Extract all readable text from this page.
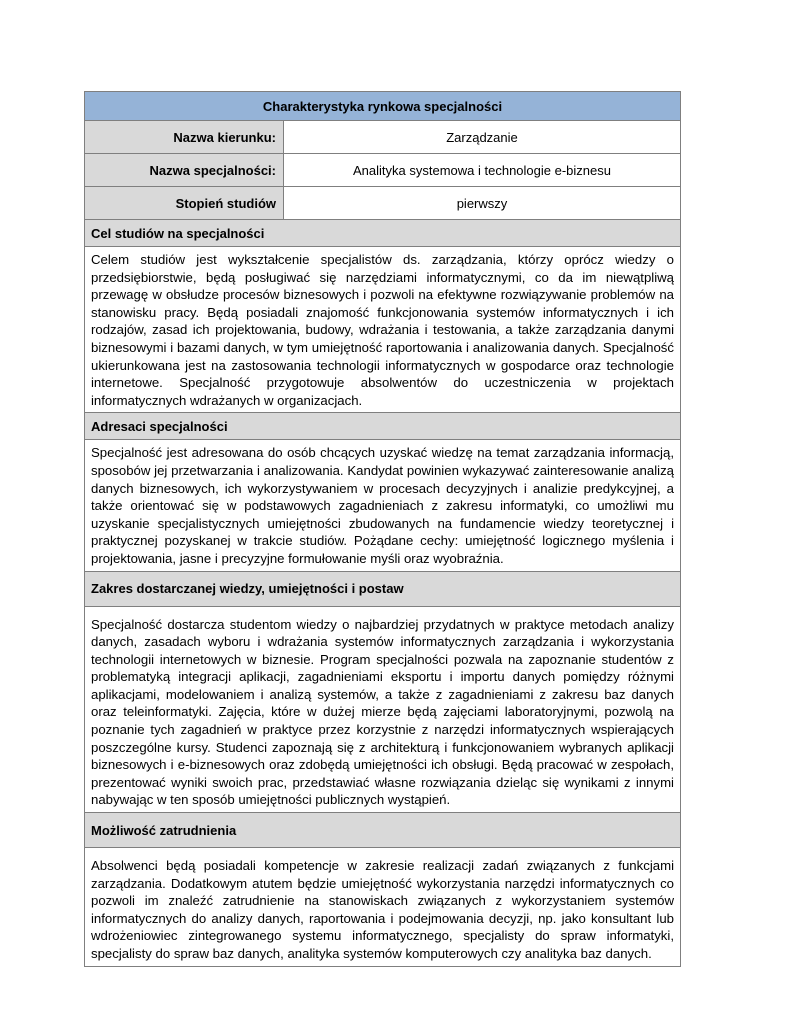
Charakterystyka rynkowa specjalności	
Nazwa kierunku:	Zarządzanie
Nazwa specjalności:	Analityka systemowa i technologie e-biznesu
Stopień studiów	pierwszy
Cel studiów na specjalności	
Celem studiów jest wykształcenie specjalistów ds. zarządzania, którzy oprócz wiedzy o przedsiębiorstwie, będą posługiwać się narzędziami informatycznymi, co da im niewątpliwą przewagę w obsłudze procesów biznesowych i pozwoli na efektywne rozwiązywanie problemów na stanowisku pracy. Będą posiadali znajomość funkcjonowania systemów informatycznych i ich rodzajów, zasad ich projektowania, budowy, wdrażania i testowania, a także zarządzania danymi biznesowymi i bazami danych, w tym umiejętność raportowania i analizowania danych. Specjalność ukierunkowana jest na zastosowania technologii informatycznych w gospodarce oraz technologie internetowe. Specjalność przygotowuje absolwentów do uczestniczenia w projektach informatycznych wdrażanych w organizacjach.	
Adresaci specjalności	
Specjalność jest adresowana do osób chcących uzyskać wiedzę na temat zarządzania informacją, sposobów jej przetwarzania i analizowania. Kandydat powinien wykazywać zainteresowanie analizą danych biznesowych, ich wykorzystywaniem w procesach decyzyjnych i analizie predykcyjnej, a także orientować się w podstawowych zagadnieniach z zakresu informatyki, co umożliwi mu uzyskanie specjalistycznych umiejętności zbudowanych na fundamencie wiedzy teoretycznej i praktycznej pozyskanej w trakcie studiów. Pożądane cechy: umiejętność logicznego myślenia i projektowania, jasne i precyzyjne formułowanie myśli oraz wyobraźnia.	
Zakres dostarczanej wiedzy, umiejętności i postaw	
Specjalność dostarcza studentom wiedzy o najbardziej przydatnych w praktyce metodach analizy danych, zasadach wyboru i wdrażania systemów informatycznych zarządzania i wykorzystania technologii internetowych w biznesie. Program specjalności pozwala na zapoznanie studentów z problematyką integracji aplikacji, zagadnieniami eksportu i importu danych pomiędzy różnymi aplikacjami, modelowaniem i analizą systemów, a także z zagadnieniami z zakresu baz danych oraz teleinformatyki. Zajęcia, które w dużej mierze będą zajęciami laboratoryjnymi, pozwolą na poznanie tych zagadnień w praktyce przez korzystnie z narzędzi informatycznych wspierających poszczególne kursy. Studenci zapoznają się z architekturą i funkcjonowaniem wybranych aplikacji biznesowych i e-biznesowych oraz zdobędą umiejętności ich obsługi. Będą pracować w zespołach, prezentować wyniki swoich prac, przedstawiać własne rozwiązania dzieląc się wynikami z innymi nabywając w ten sposób umiejętności publicznych wystąpień.	
Możliwość zatrudnienia	
Absolwenci będą posiadali kompetencje w zakresie realizacji zadań związanych z funkcjami zarządzania. Dodatkowym atutem będzie umiejętność wykorzystania narzędzi informatycznych co pozwoli im znaleźć zatrudnienie na stanowiskach związanych z wykorzystaniem systemów informatycznych do analizy danych, raportowania i podejmowania decyzji, np. jako konsultant lub wdrożeniowiec zintegrowanego systemu informatycznego, specjalisty do spraw informatyki, specjalisty do spraw baz danych, analityka systemów komputerowych czy analityka baz danych.	
